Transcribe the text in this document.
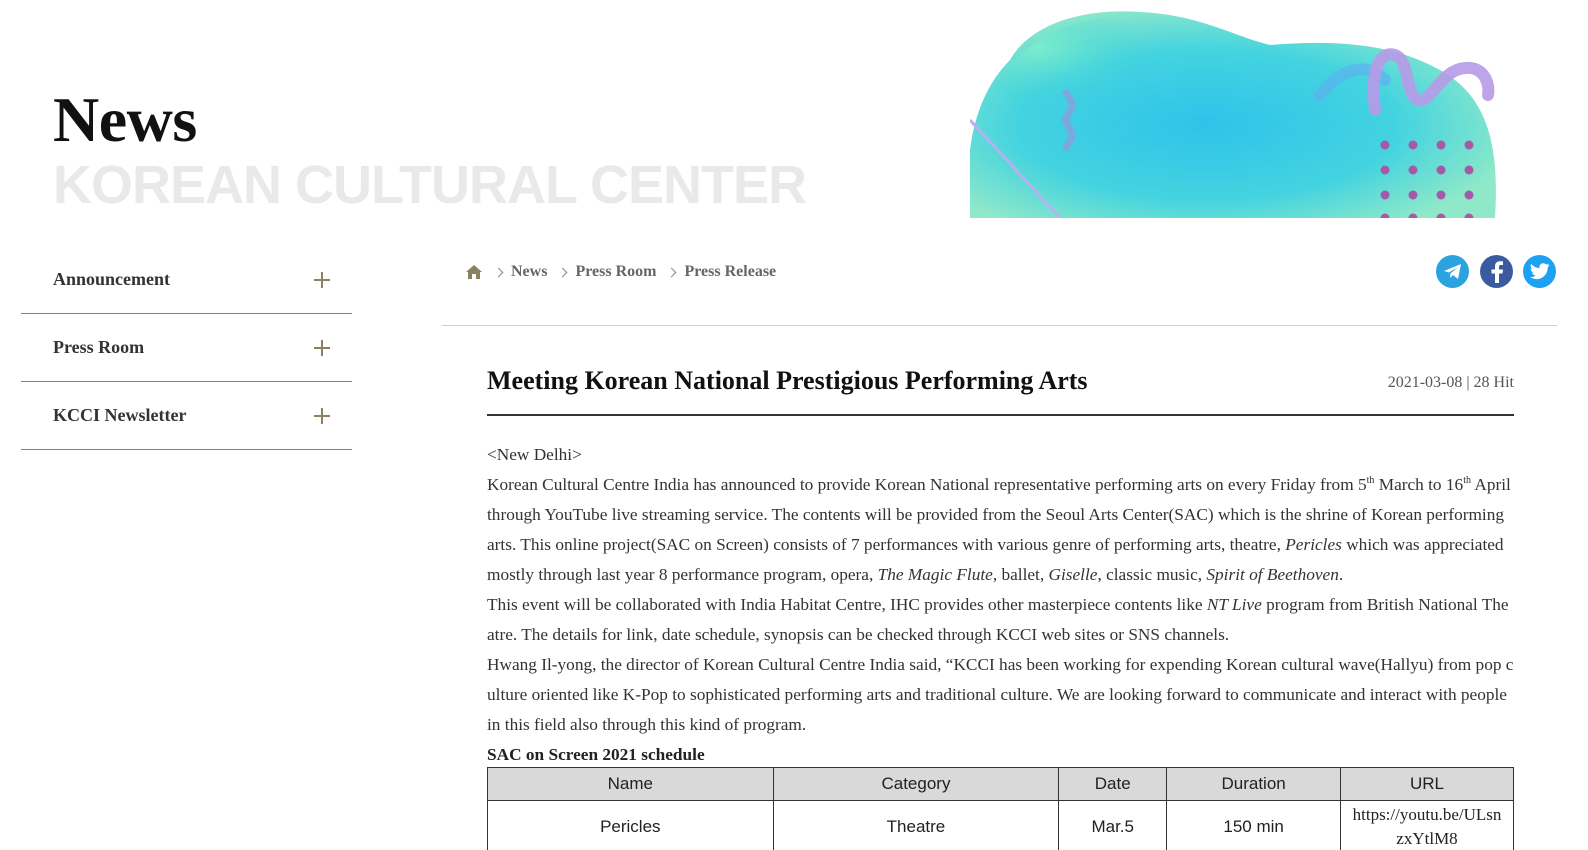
News
KOREAN CULTURAL CENTER
Announcement
Press Room
KCCI Newsletter
News Press Room Press Release
Meeting Korean National Prestigious Performing Arts	2021-03-08 | 28 Hit

<New Delhi>

Korean Cultural Centre India has announced to provide Korean National representative performing arts on every Friday from 5th March to 16th April through YouTube live streaming service. The contents will be provided from the Seoul Arts Center(SAC) which is the shrine of Korean performing arts. This online project(SAC on Screen) consists of 7 performances with various genre of performing arts, theatre, Pericles which was appreciated mostly through last year 8 performance program, opera, The Magic Flute, ballet, Giselle, classic music, Spirit of Beethoven.

This event will be collaborated with India Habitat Centre, IHC provides other masterpiece contents like NT Live program from British National Theatre. The details for link, date schedule, synopsis can be checked through KCCI web sites or SNS channels.

Hwang Il-yong, the director of Korean Cultural Centre India said, “KCCI has been working for expending Korean cultural wave(Hallyu) from pop culture oriented like K-Pop to sophisticated performing arts and traditional culture. We are looking forward to communicate and interact with people in this field also through this kind of program.

SAC on Screen 2021 schedule

Name	Category	Date	Duration	URL
Pericles	Theatre	Mar.5	150 min	https://youtu.be/ULsnzxYtlM8
